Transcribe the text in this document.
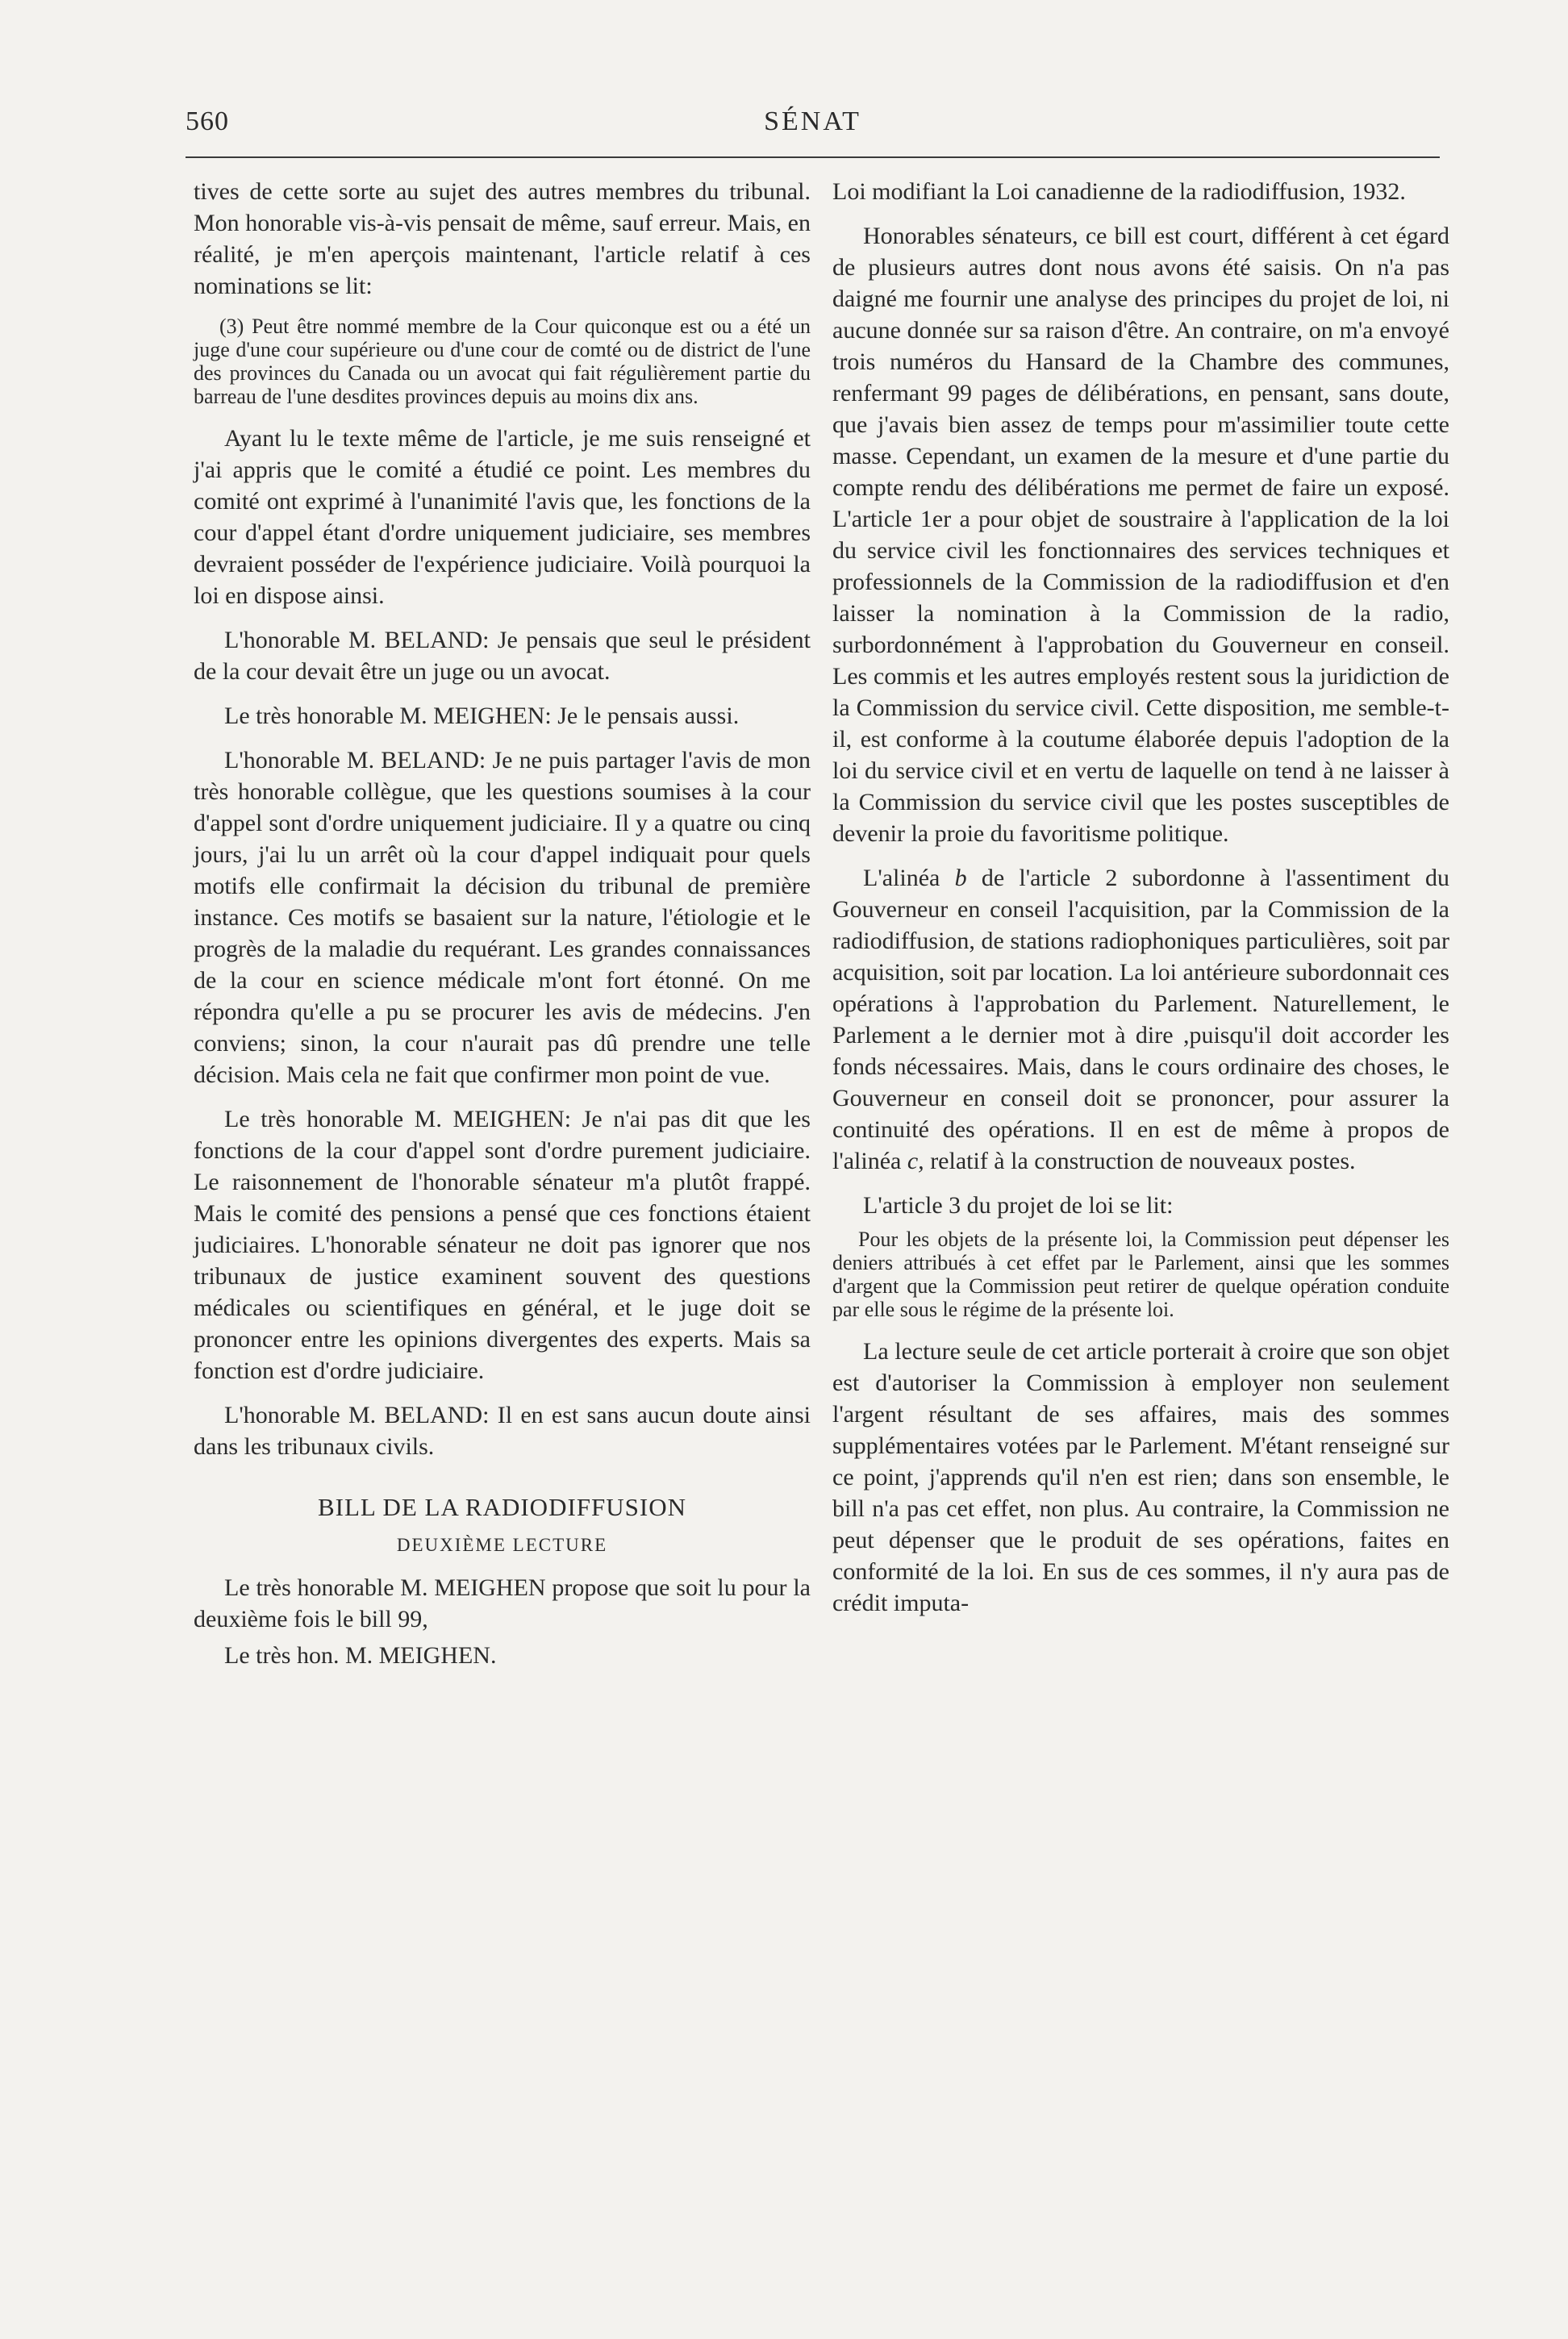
560	SÉNAT

tives de cette sorte au sujet des autres membres du tribunal. Mon honorable vis-à-vis pensait de même, sauf erreur. Mais, en réalité, je m'en aperçois maintenant, l'article relatif à ces nominations se lit:

(3) Peut être nommé membre de la Cour quiconque est ou a été un juge d'une cour supérieure ou d'une cour de comté ou de district de l'une des provinces du Canada ou un avocat qui fait régulièrement partie du barreau de l'une desdites provinces depuis au moins dix ans.

Ayant lu le texte même de l'article, je me suis renseigné et j'ai appris que le comité a étudié ce point. Les membres du comité ont exprimé à l'unanimité l'avis que, les fonctions de la cour d'appel étant d'ordre uniquement judiciaire, ses membres devraient posséder de l'expérience judiciaire. Voilà pourquoi la loi en dispose ainsi.

L'honorable M. BELAND: Je pensais que seul le président de la cour devait être un juge ou un avocat.

Le très honorable M. MEIGHEN: Je le pensais aussi.

L'honorable M. BELAND: Je ne puis partager l'avis de mon très honorable collègue, que les questions soumises à la cour d'appel sont d'ordre uniquement judiciaire. Il y a quatre ou cinq jours, j'ai lu un arrêt où la cour d'appel indiquait pour quels motifs elle confirmait la décision du tribunal de première instance. Ces motifs se basaient sur la nature, l'étiologie et le progrès de la maladie du requérant. Les grandes connaissances de la cour en science médicale m'ont fort étonné. On me répondra qu'elle a pu se procurer les avis de médecins. J'en conviens; sinon, la cour n'aurait pas dû prendre une telle décision. Mais cela ne fait que confirmer mon point de vue.

Le très honorable M. MEIGHEN: Je n'ai pas dit que les fonctions de la cour d'appel sont d'ordre purement judiciaire. Le raisonnement de l'honorable sénateur m'a plutôt frappé. Mais le comité des pensions a pensé que ces fonctions étaient judiciaires. L'honorable sénateur ne doit pas ignorer que nos tribunaux de justice examinent souvent des questions médicales ou scientifiques en général, et le juge doit se prononcer entre les opinions divergentes des experts. Mais sa fonction est d'ordre judiciaire.

L'honorable M. BELAND: Il en est sans aucun doute ainsi dans les tribunaux civils.

BILL DE LA RADIODIFFUSION
DEUXIÈME LECTURE

Le très honorable M. MEIGHEN propose que soit lu pour la deuxième fois le bill 99,

Le très hon. M. MEIGHEN.

Loi modifiant la Loi canadienne de la radiodiffusion, 1932.

Honorables sénateurs, ce bill est court, différent à cet égard de plusieurs autres dont nous avons été saisis. On n'a pas daigné me fournir une analyse des principes du projet de loi, ni aucune donnée sur sa raison d'être. An contraire, on m'a envoyé trois numéros du Hansard de la Chambre des communes, renfermant 99 pages de délibérations, en pensant, sans doute, que j'avais bien assez de temps pour m'assimilier toute cette masse. Cependant, un examen de la mesure et d'une partie du compte rendu des délibérations me permet de faire un exposé. L'article 1er a pour objet de soustraire à l'application de la loi du service civil les fonctionnaires des services techniques et professionnels de la Commission de la radiodiffusion et d'en laisser la nomination à la Commission de la radio, surbordonnément à l'approbation du Gouverneur en conseil. Les commis et les autres employés restent sous la juridiction de la Commission du service civil. Cette disposition, me semble-t-il, est conforme à la coutume élaborée depuis l'adoption de la loi du service civil et en vertu de laquelle on tend à ne laisser à la Commission du service civil que les postes susceptibles de devenir la proie du favoritisme politique.

L'alinéa b de l'article 2 subordonne à l'assentiment du Gouverneur en conseil l'acquisition, par la Commission de la radiodiffusion, de stations radiophoniques particulières, soit par acquisition, soit par location. La loi antérieure subordonnait ces opérations à l'approbation du Parlement. Naturellement, le Parlement a le dernier mot à dire ,puisqu'il doit accorder les fonds nécessaires. Mais, dans le cours ordinaire des choses, le Gouverneur en conseil doit se prononcer, pour assurer la continuité des opérations. Il en est de même à propos de l'alinéa c, relatif à la construction de nouveaux postes.

L'article 3 du projet de loi se lit:

Pour les objets de la présente loi, la Commission peut dépenser les deniers attribués à cet effet par le Parlement, ainsi que les sommes d'argent que la Commission peut retirer de quelque opération conduite par elle sous le régime de la présente loi.

La lecture seule de cet article porterait à croire que son objet est d'autoriser la Commission à employer non seulement l'argent résultant de ses affaires, mais des sommes supplémentaires votées par le Parlement. M'étant renseigné sur ce point, j'apprends qu'il n'en est rien; dans son ensemble, le bill n'a pas cet effet, non plus. Au contraire, la Commission ne peut dépenser que le produit de ses opérations, faites en conformité de la loi. En sus de ces sommes, il n'y aura pas de crédit imputa-
